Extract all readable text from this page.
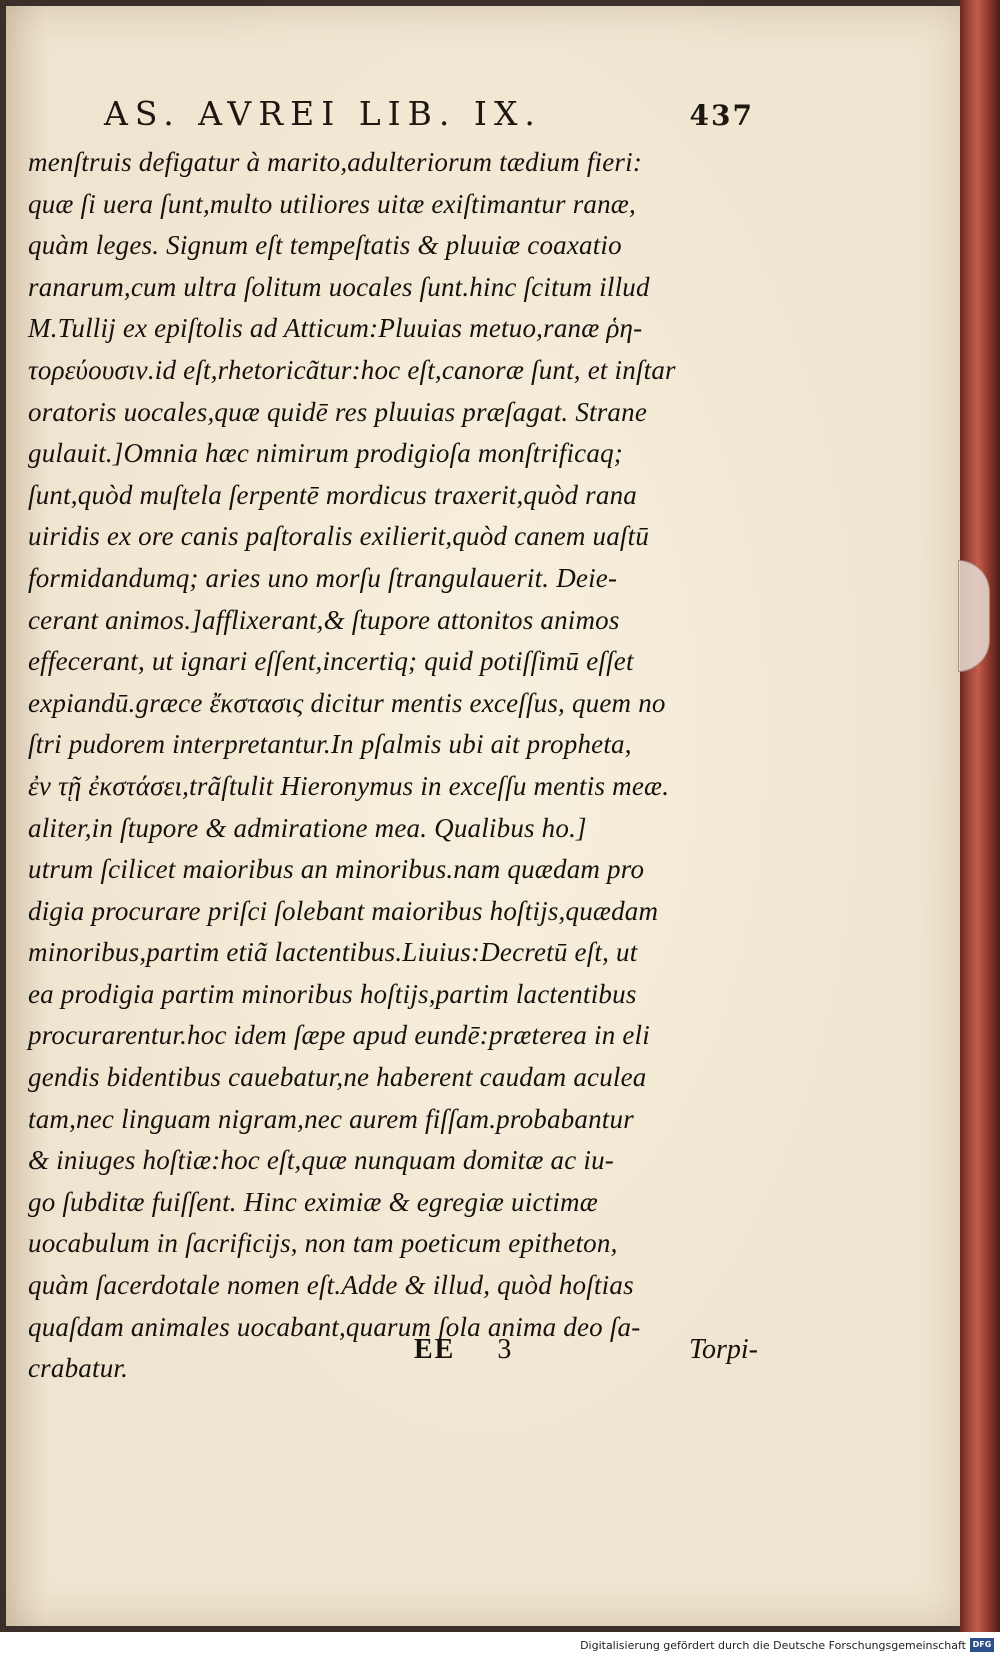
AS. AVREI LIB. IX.	437
menſtruis defigatur à marito,adulteriorum tædium fieri:
quæ ſi uera ſunt,multo utiliores uitæ exiſtimantur ranæ,
quàm leges. Signum eſt tempeſtatis & pluuiæ coaxatio
ranarum,cum ultra ſolitum uocales ſunt.hinc ſcitum illud
M.Tullij ex epiſtolis ad Atticum:Pluuias metuo,ranæ ῥη-
τορεύουσιν.id eſt,rhetoricãtur:hoc eſt,canoræ ſunt, et inſtar
oratoris uocales,quæ quidē res pluuias præſagat. Strane
gulauit.]Omnia hæc nimirum prodigioſa monſtrificaq;
ſunt,quòd muſtela ſerpentē mordicus traxerit,quòd rana
uiridis ex ore canis paſtoralis exilierit,quòd canem uaſtū
formidandumq; aries uno morſu ſtrangulauerit. Deie-
cerant animos.]afflixerant,& ſtupore attonitos animos
effecerant, ut ignari eſſent,incertiq; quid potiſſimū eſſet
expiandū.græce ἔκστασις dicitur mentis exceſſus, quem no
ſtri pudorem interpretantur.In pſalmis ubi ait propheta,
ἐν τῇ ἐκστάσει,trãſtulit Hieronymus in exceſſu mentis meæ.
aliter,in ſtupore & admiratione mea. Qualibus ho.]
utrum ſcilicet maioribus an minoribus.nam quædam pro
digia procurare priſci ſolebant maioribus hoſtijs,quædam
minoribus,partim etiã lactentibus.Liuius:Decretū eſt, ut
ea prodigia partim minoribus hoſtijs,partim lactentibus
procurarentur.hoc idem ſæpe apud eundē:præterea in eli
gendis bidentibus cauebatur,ne haberent caudam aculea
tam,nec linguam nigram,nec aurem fiſſam.probabantur
& iniuges hoſtiæ:hoc eſt,quæ nunquam domitæ ac iu-
go ſubditæ fuiſſent. Hinc eximiæ & egregiæ uictimæ
uocabulum in ſacrificijs, non tam poeticum epitheton,
quàm ſacerdotale nomen eſt.Adde & illud, quòd hoſtias
quaſdam animales uocabant,quarum ſola anima deo ſa-
crabatur.
EE 3	Torpi-
Digitalisierung gefördert durch die Deutsche Forschungsgemeinschaft DFG
